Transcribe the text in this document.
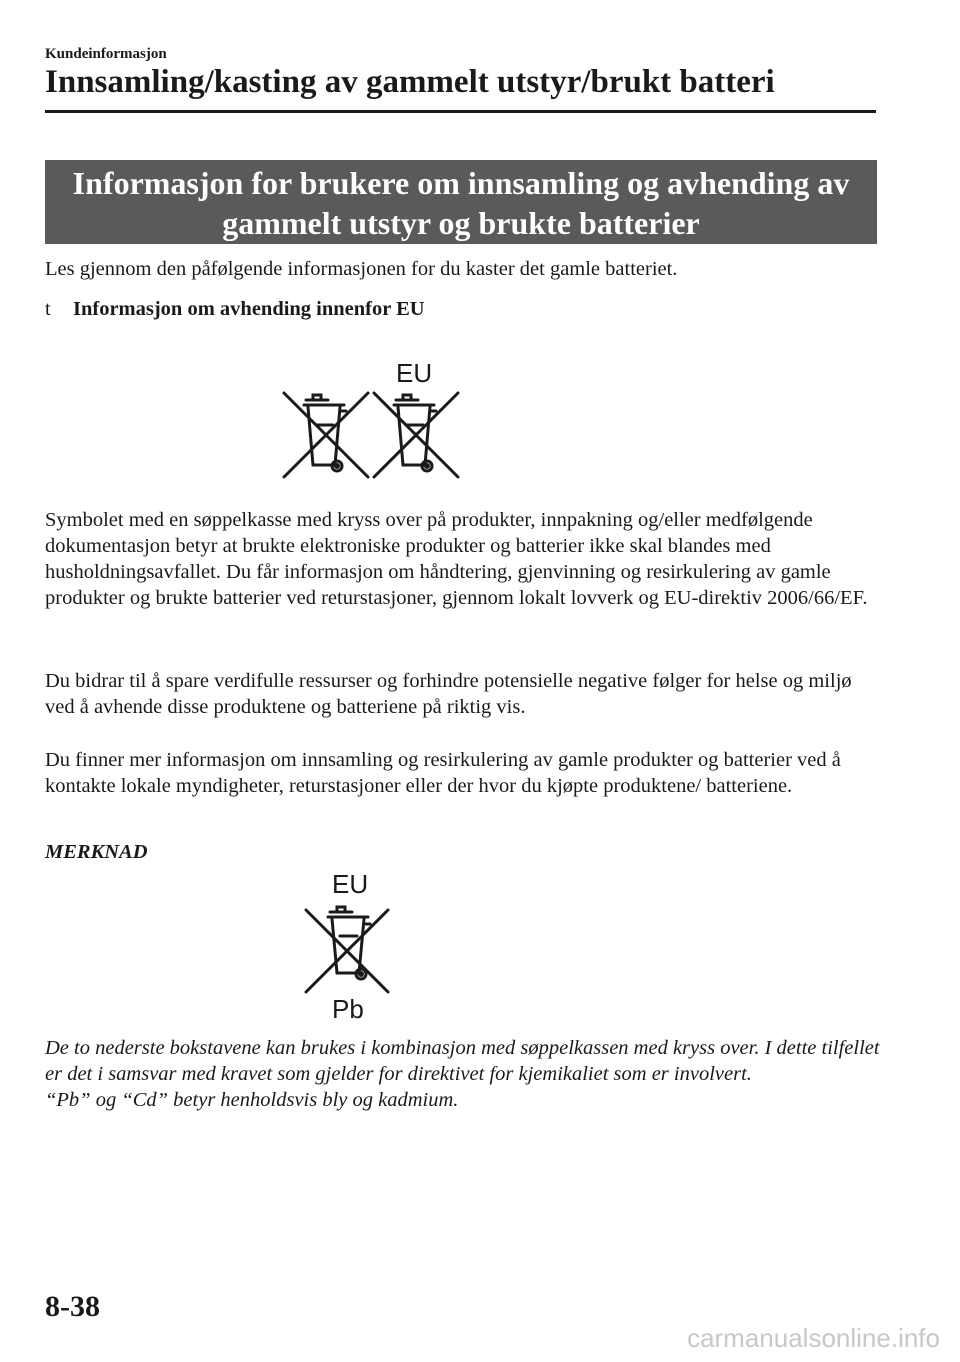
Kundeinformasjon
Innsamling/kasting av gammelt utstyr/brukt batteri
Informasjon for brukere om innsamling og avhending av
gammelt utstyr og brukte batterier
Les gjennom den påfølgende informasjonen for du kaster det gamle batteriet.
t Informasjon om avhending innenfor EU
EU
Symbolet med en søppelkasse med kryss over på produkter, innpakning og/eller medfølgende dokumentasjon betyr at brukte elektroniske produkter og batterier ikke skal blandes med husholdningsavfallet. Du får informasjon om håndtering, gjenvinning og resirkulering av gamle produkter og brukte batterier ved returstasjoner, gjennom lokalt lovverk og EU-direktiv 2006/66/EF.
Du bidrar til å spare verdifulle ressurser og forhindre potensielle negative følger for helse og miljø ved å avhende disse produktene og batteriene på riktig vis.
Du finner mer informasjon om innsamling og resirkulering av gamle produkter og batterier ved å kontakte lokale myndigheter, returstasjoner eller der hvor du kjøpte produktene/ batteriene.
MERKNAD
EU
Pb
De to nederste bokstavene kan brukes i kombinasjon med søppelkassen med kryss over. I dette tilfellet er det i samsvar med kravet som gjelder for direktivet for kjemikaliet som er involvert.
“Pb” og “Cd” betyr henholdsvis bly og kadmium.
8-38
carmanualsonline.info
